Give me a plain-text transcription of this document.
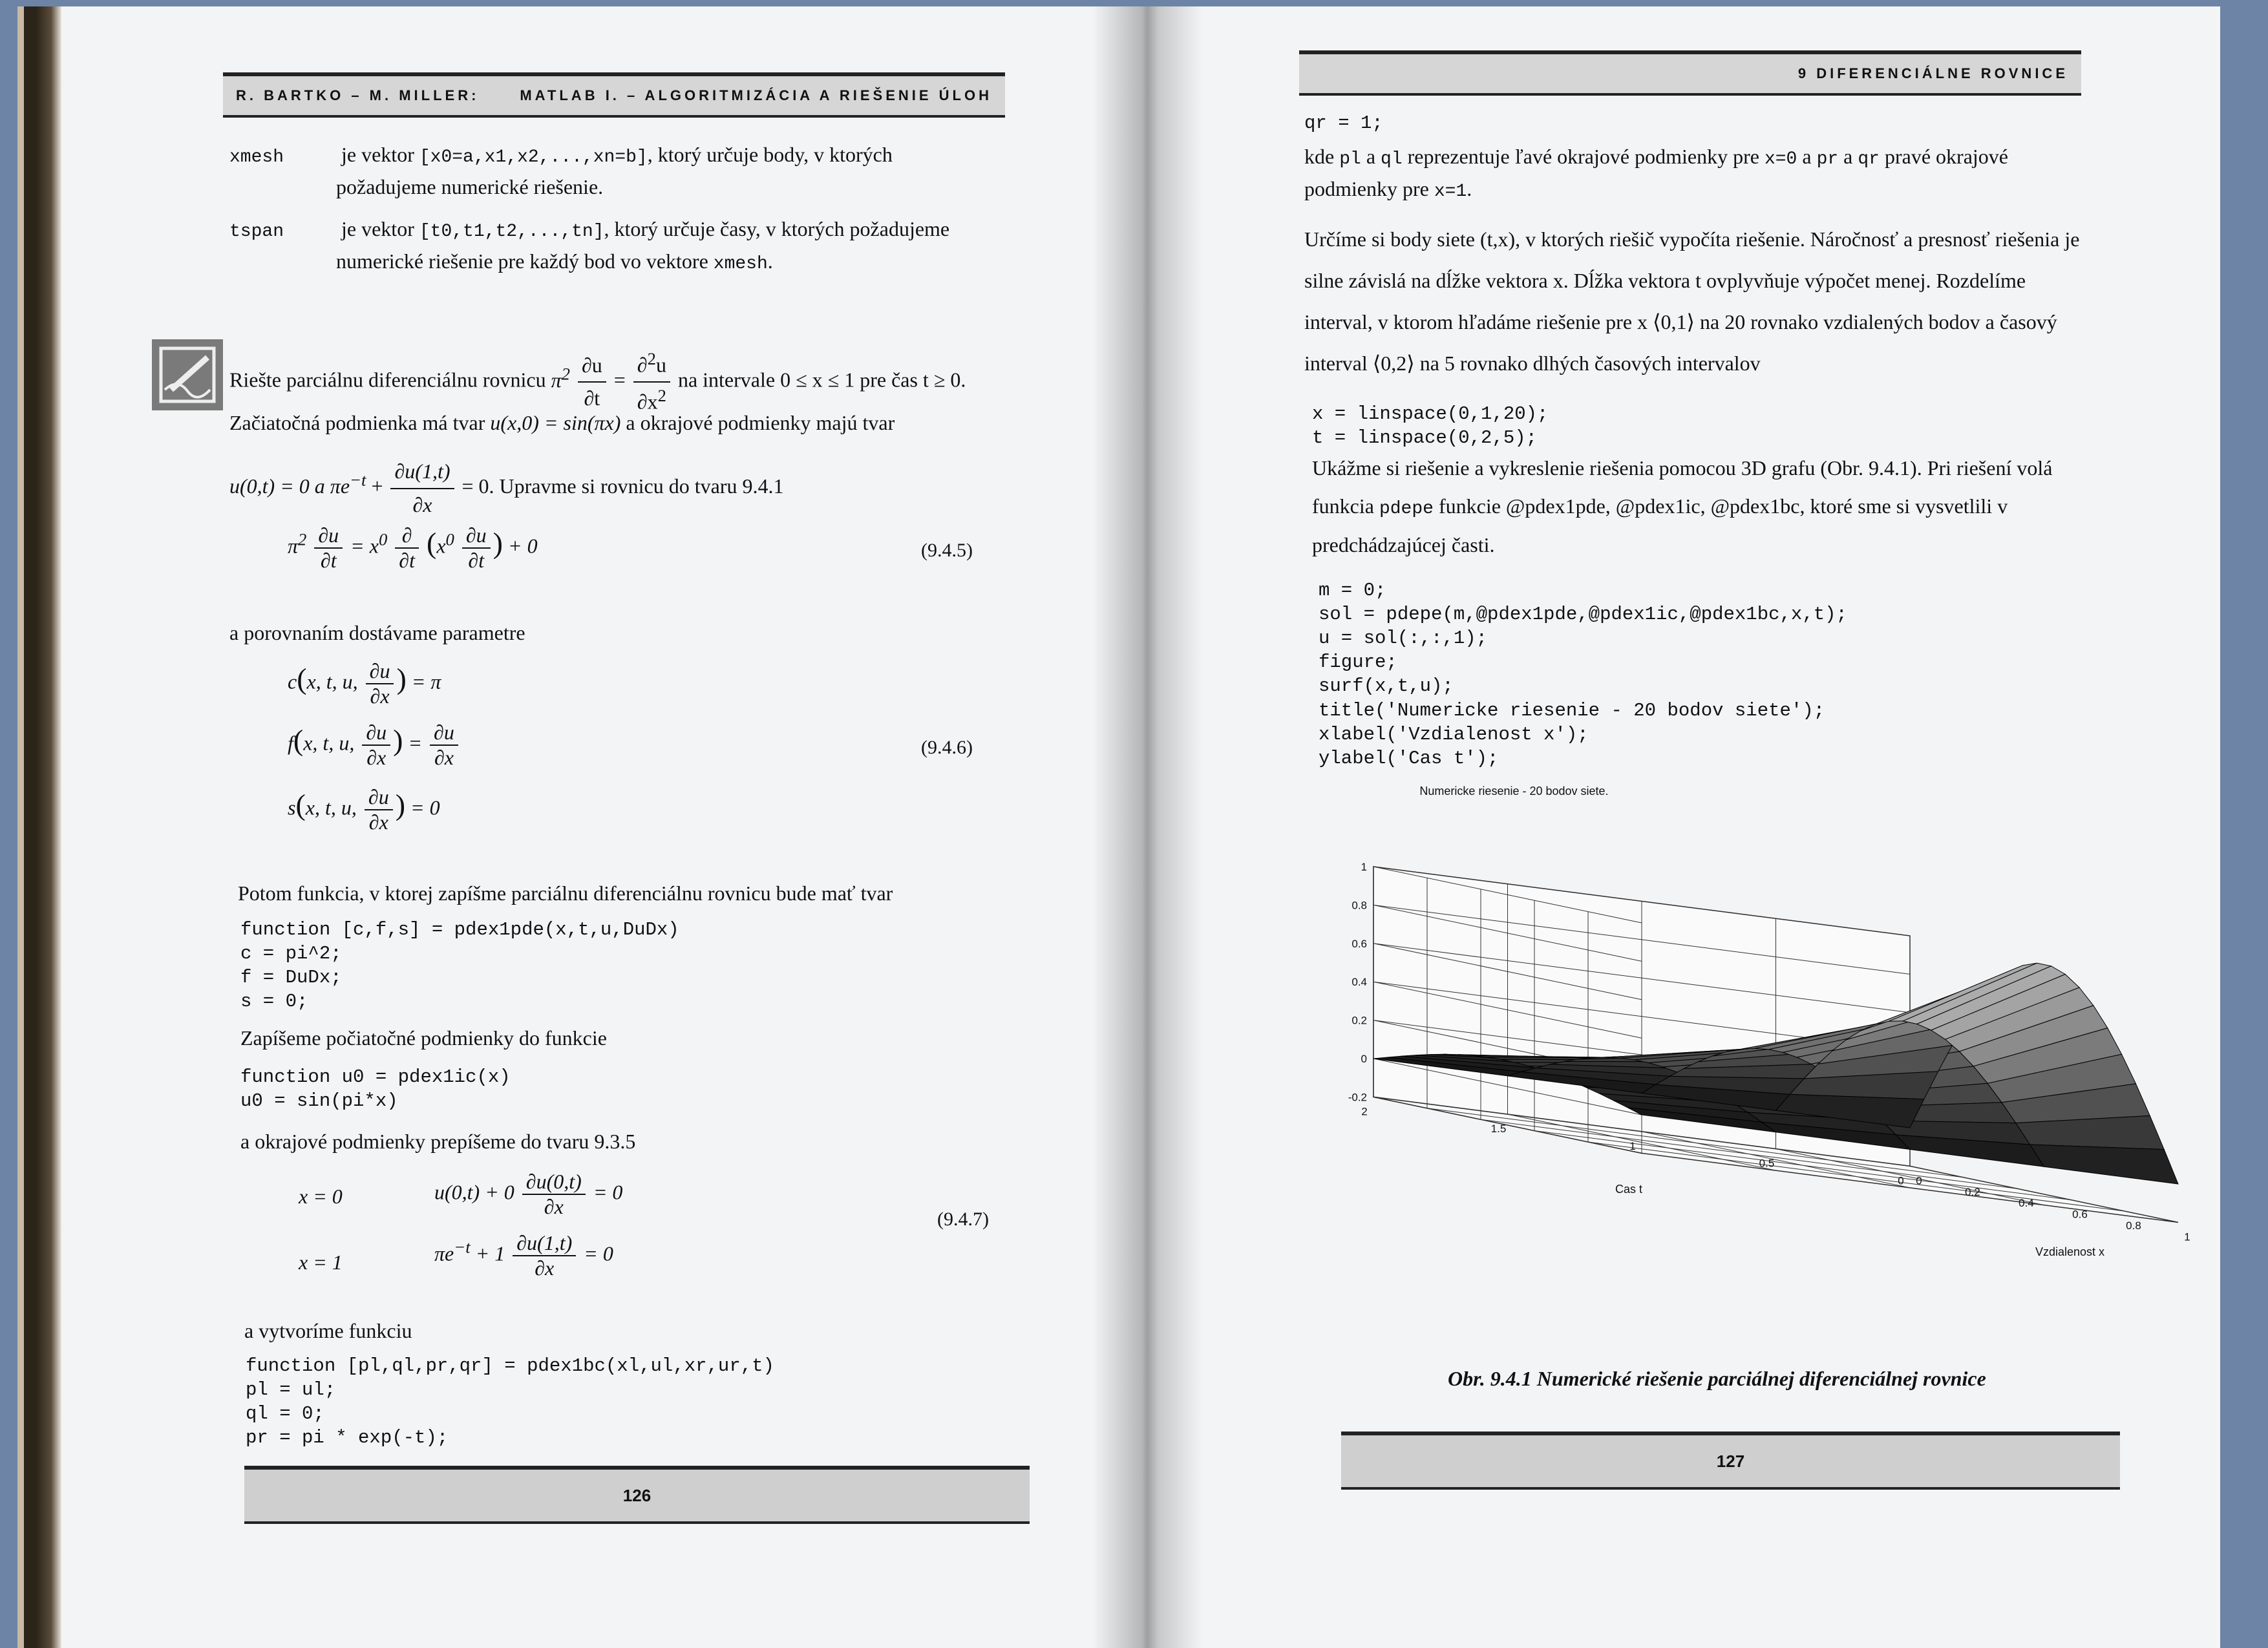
R. BARTKO – M. MILLER:	MATLAB I. – ALGORITMIZÁCIA A RIEŠENIE ÚLOH
xmesh	je vektor [x0=a,x1,x2,...,xn=b], ktorý určuje body, v ktorých
požadujeme numerické riešenie.
tspan	je vektor [t0,t1,t2,...,tn], ktorý určuje časy, v ktorých požadujeme
numerické riešenie pre každý bod vo vektore xmesh.
Riešte parciálnu diferenciálnu rovnicu $\pi^2 \frac{\partial u}{\partial t} = \frac{\partial^2u}{\partial x^2}$ na intervale 0 ≤ x ≤ 1 pre čas t ≥ 0.
Začiatočná podmienka má tvar u(x,0) = sin(πx) a okrajové podmienky majú tvar
u(0,t) = 0 a $\pi e^{-t} + \frac{\partial u(1,t)}{\partial x} = 0$. Upravme si rovnicu do tvaru 9.4.1
$\pi^2 \frac{\partial u}{\partial t} = x^0 \frac{\partial}{\partial t} (x^0 \frac{\partial u}{\partial t}$ ) + 0	(9.4.5)
a porovnaním dostávame parametre
c(x, t, u, $\frac{\partial u}{\partial x}$ ) = π
f(x, t, u, $\frac{\partial u}{\partial x}$ ) = $\frac{\partial u}{\partial x}$	(9.4.6)
s(x, t, u, $\frac{\partial u}{\partial x}$ ) = 0
Potom funkcia, v ktorej zapíšme parciálnu diferenciálnu rovnicu bude mať tvar
function [c,f,s] = pdex1pde(x,t,u,DuDx)
c = pi^2;
f = DuDx;
s = 0;
Zapíšeme počiatočné podmienky do funkcie
function u0 = pdex1ic(x)
u0 = sin(pi*x)
a okrajové podmienky prepíšeme do tvaru 9.3.5
x = 0	$u(0,t) + 0 \frac{\partial u(0,t)}{\partial x} = 0$
(9.4.7)
x = 1	$\pi e^{-t} + 1 \frac{\partial u(1,t)}{\partial x} = 0$
a vytvoríme funkciu
function [pl,ql,pr,qr] = pdex1bc(xl,ul,xr,ur,t)
pl = ul;
ql = 0;
pr = pi * exp(-t);
126
9 DIFERENCIÁLNE ROVNICE
qr = 1;
kde pl a ql reprezentuje ľavé okrajové podmienky pre x=0 a pr a qr pravé okrajové podmienky pre x=1.
Určíme si body siete (t,x), v ktorých riešič vypočíta riešenie. Náročnosť a presnosť riešenia je silne závislá na dĺžke vektora x. Dĺžka vektora t ovplyvňuje výpočet menej. Rozdelíme interval, v ktorom hľadáme riešenie pre x ⟨0,1⟩ na 20 rovnako vzdialených bodov a časový interval ⟨0,2⟩ na 5 rovnako dlhých časových intervalov
x = linspace(0,1,20);
t = linspace(0,2,5);
Ukážme si riešenie a vykreslenie riešenia pomocou 3D grafu (Obr. 9.4.1). Pri riešení volá funkcia pdepe funkcie @pdex1pde, @pdex1ic, @pdex1bc, ktoré sme si vysvetlili v predchádzajúcej časti.
m = 0;
sol = pdepe(m,@pdex1pde,@pdex1ic,@pdex1bc,x,t);
u = sol(:,:,1);
figure;
surf(x,t,u);
title('Numericke riesenie - 20 bodov siete');
xlabel('Vzdialenost x');
ylabel('Cas t');
-0.2
0
0.2
0.4
0.6
0.8
1
0
0.2
0.4
0.6
0.8
1
0
0.5
1
1.5
2
Numericke riesenie - 20 bodov siete.
Vzdialenost x
Cas t
Obr. 9.4.1 Numerické riešenie parciálnej diferenciálnej rovnice
127
